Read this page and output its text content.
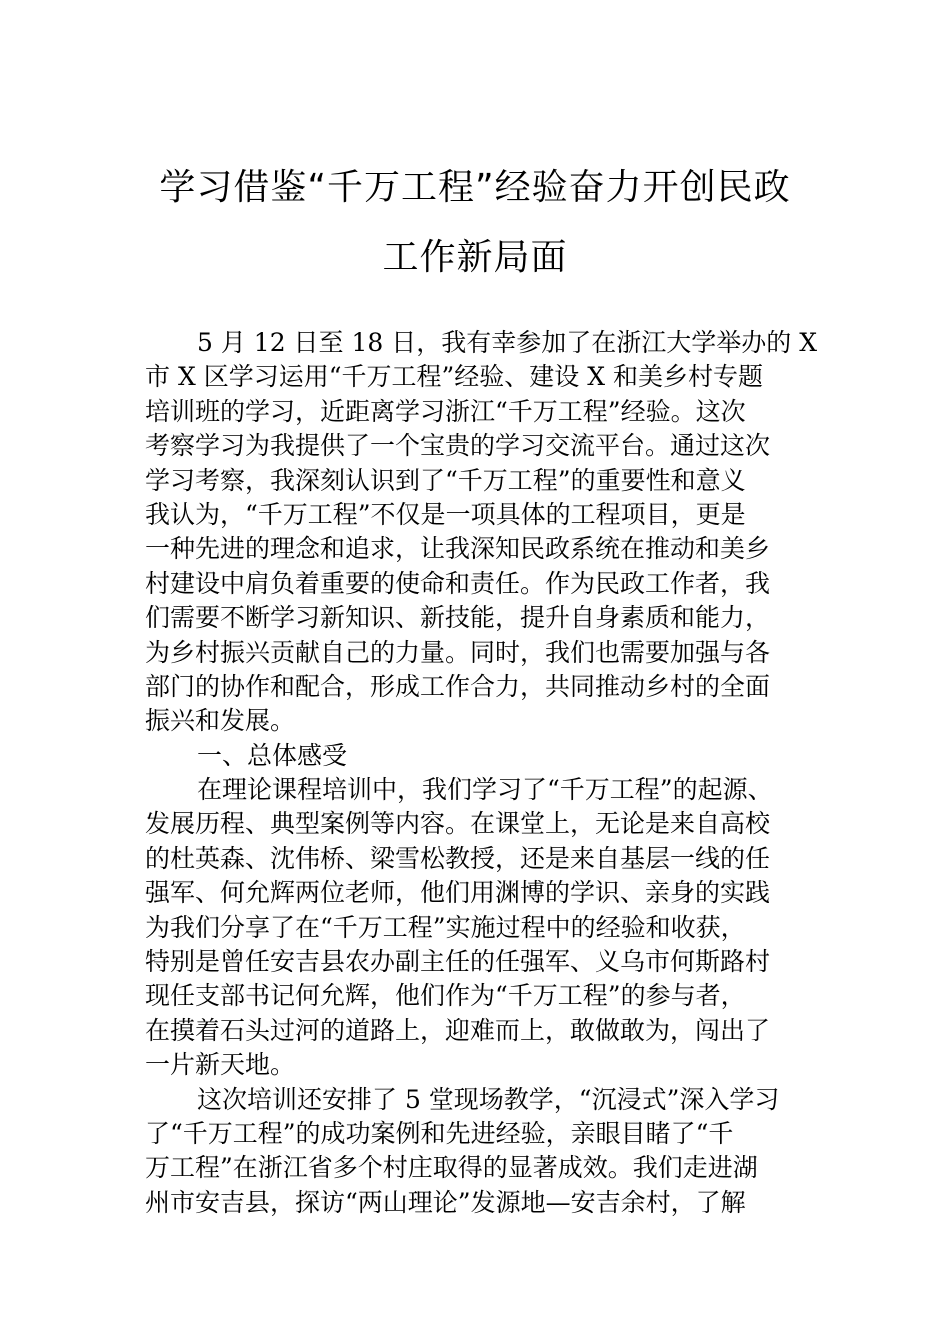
学习借鉴“千万工程”经验奋力开创民政
工作新局面
5 月 12 日至 18 日，我有幸参加了在浙江大学举办的 X
市 X 区学习运用“千万工程”经验、建设 X 和美乡村专题
培训班的学习，近距离学习浙江“千万工程”经验。这次
考察学习为我提供了一个宝贵的学习交流平台。通过这次
学习考察，我深刻认识到了“千万工程”的重要性和意义
我认为，“千万工程”不仅是一项具体的工程项目，更是
一种先进的理念和追求，让我深知民政系统在推动和美乡
村建设中肩负着重要的使命和责任。作为民政工作者，我
们需要不断学习新知识、新技能，提升自身素质和能力，
为乡村振兴贡献自己的力量。同时，我们也需要加强与各
部门的协作和配合，形成工作合力，共同推动乡村的全面
振兴和发展。
一、总体感受
在理论课程培训中，我们学习了“千万工程”的起源、
发展历程、典型案例等内容。在课堂上，无论是来自高校
的杜英森、沈伟桥、梁雪松教授，还是来自基层一线的任
强军、何允辉两位老师，他们用渊博的学识、亲身的实践
为我们分享了在“千万工程”实施过程中的经验和收获，
特别是曾任安吉县农办副主任的任强军、义乌市何斯路村
现任支部书记何允辉，他们作为“千万工程”的参与者，
在摸着石头过河的道路上，迎难而上，敢做敢为，闯出了
一片新天地。
这次培训还安排了 5 堂现场教学，“沉浸式”深入学习
了“千万工程”的成功案例和先进经验，亲眼目睹了“千
万工程”在浙江省多个村庄取得的显著成效。我们走进湖
州市安吉县，探访“两山理论”发源地—安吉余村，了解
